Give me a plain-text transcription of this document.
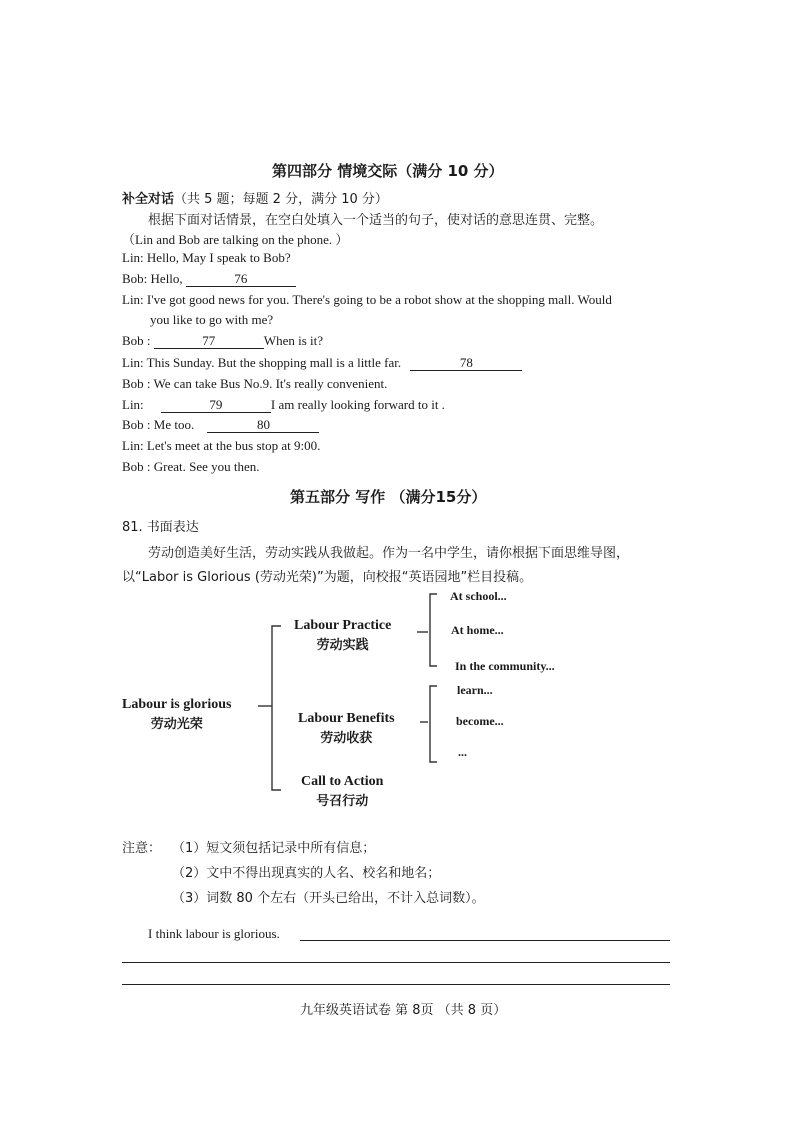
第四部分 情境交际（满分 10 分）
补全对话（共 5 题；每题 2 分，满分 10 分）
根据下面对话情景，在空白处填入一个适当的句子，使对话的意思连贯、完整。
（Lin and Bob are talking on the phone. ）
Lin: Hello, May I speak to Bob?
Bob: Hello,	76
Lin: I've got good news for you. There's going to be a robot show at the shopping mall. Would
you like to go with me?
Bob :	77	When is it?
Lin: This Sunday. But the shopping mall is a little far.	78
Bob : We can take Bus No.9. It's really convenient.
Lin:	79	I am really looking forward to it .
Bob : Me too.	80
Lin: Let's meet at the bus stop at 9:00.
Bob : Great. See you then.
第五部分 写作 （满分15分）
81. 书面表达
劳动创造美好生活，劳动实践从我做起。作为一名中学生，请你根据下面思维导图，
以“Labor is Glorious (劳动光荣)”为题，向校报“英语园地”栏目投稿。
Labour is glorious
劳动光荣
Labour Practice
劳动实践
Labour Benefits
劳动收获
Call to Action
号召行动
At school...
At home...
In the community...
learn...
become...
...
注意： （1）短文须包括记录中所有信息；
（2）文中不得出现真实的人名、校名和地名；
（3）词数 80 个左右（开头已给出，不计入总词数）。
I think labour is glorious.
九年级英语试卷 第 8页 （共 8 页）
